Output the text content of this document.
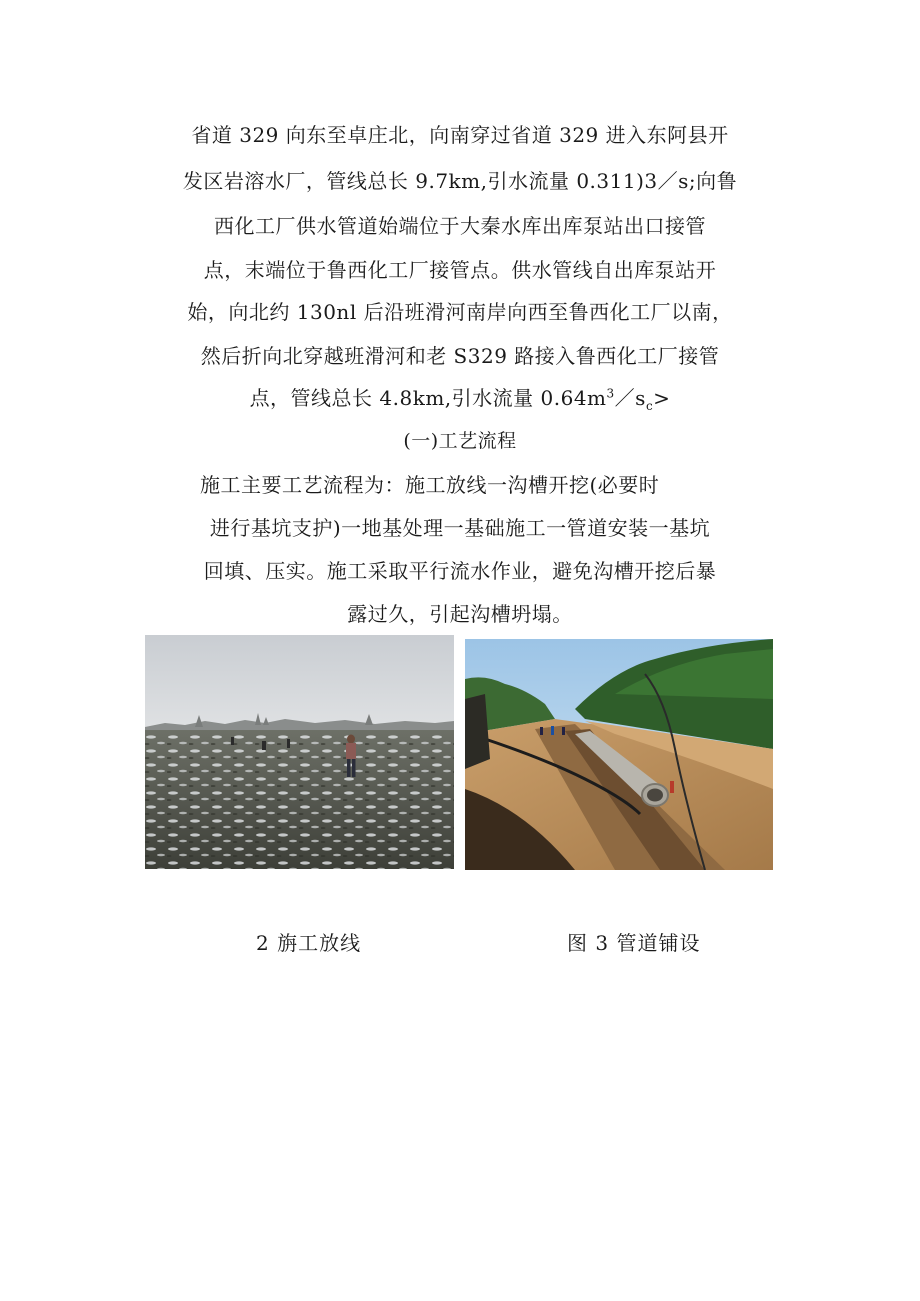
省道 329 向东至卓庄北，向南穿过省道 329 进入东阿县开
发区岩溶水厂，管线总长 9.7km,引水流量 0.311)3／s;向鲁
西化工厂供水管道始端位于大秦水库出库泵站出口接管
点，末端位于鲁西化工厂接管点。供水管线自出库泵站开
始，向北约 130nl 后沿班滑河南岸向西至鲁西化工厂以南，
然后折向北穿越班滑河和老 S329 路接入鲁西化工厂接管
点，管线总长 4.8km,引水流量 $0.64m^3/s_c>$
(一)工艺流程
施工主要工艺流程为：施工放线一沟槽开挖(必要时
进行基坑支护)一地基处理一基础施工一管道安装一基坑
回填、压实。施工采取平行流水作业，避免沟槽开挖后暴
露过久，引起沟槽坍塌。
2 旃工放线	图 3 管道铺设
